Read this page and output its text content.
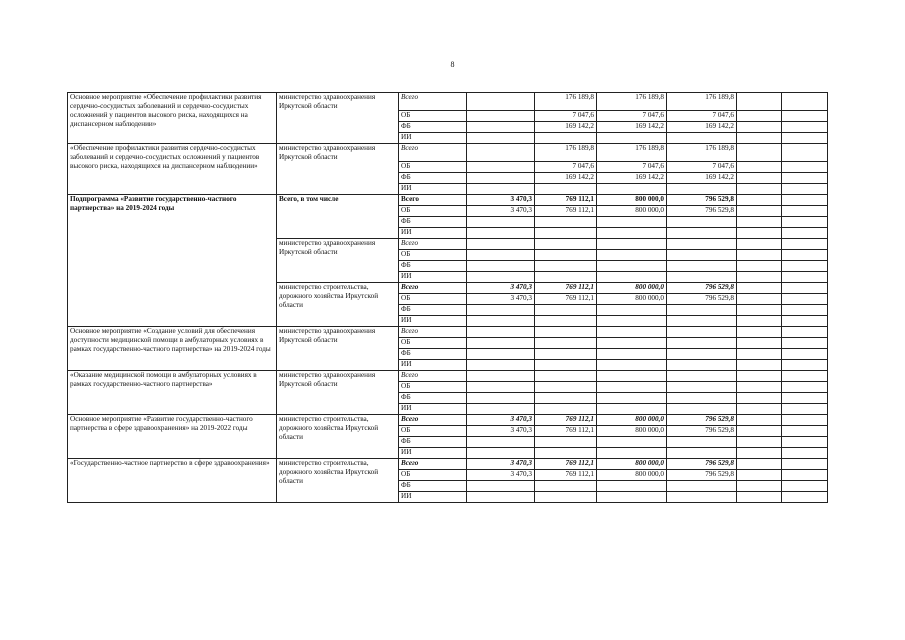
8
Основное мероприятие «Обеспечение профилактики развития сердечно-сосудистых заболеваний и сердечно-сосудистых осложнений у пациентов высокого риска, находящихся на диспансерном наблюдении»	министерство здравоохранения Иркутской области	Всего		176 189,8	176 189,8	176 189,8		
		ОБ		7 047,6	7 047,6	7 047,6		
		ФБ		169 142,2	169 142,2	169 142,2		
		ИИ						
«Обеспечение профилактики развития сердечно-сосудистых заболеваний и сердечно-сосудистых осложнений у пациентов высокого риска, находящихся на диспансерном наблюдении»	министерство здравоохранения Иркутской области	Всего		176 189,8	176 189,8	176 189,8		
		ОБ		7 047,6	7 047,6	7 047,6		
		ФБ		169 142,2	169 142,2	169 142,2		
		ИИ						
Подпрограмма «Развитие государственно-частного партнерства» на 2019-2024 годы	Всего, в том числе	Всего	3 470,3	769 112,1	800 000,0	796 529,8		
		ОБ	3 470,3	769 112,1	800 000,0	796 529,8		
		ФБ						
		ИИ						
	министерство здравоохранения Иркутской области	Всего						
		ОБ						
		ФБ						
		ИИ						
	министерство строительства, дорожного хозяйства Иркутской области	Всего	3 470,3	769 112,1	800 000,0	796 529,8		
		ОБ	3 470,3	769 112,1	800 000,0	796 529,8		
		ФБ						
		ИИ						
Основное мероприятие «Создание условий для обеспечения доступности медицинской помощи в амбулаторных условиях в рамках государственно-частного партнерства» на 2019-2024 годы	министерство здравоохранения Иркутской области	Всего						
		ОБ						
		ФБ						
		ИИ						
«Оказание медицинской помощи в амбулаторных условиях в рамках государственно-частного партнерства»	министерство здравоохранения Иркутской области	Всего						
		ОБ						
		ФБ						
		ИИ						
Основное мероприятие «Развитие государственно-частного партнерства в сфере здравоохранения» на 2019-2022 годы	министерство строительства, дорожного хозяйства Иркутской области	Всего	3 470,3	769 112,1	800 000,0	796 529,8		
		ОБ	3 470,3	769 112,1	800 000,0	796 529,8		
		ФБ						
		ИИ						
«Государственно-частное партнерство в сфере здравоохранения»	министерство строительства, дорожного хозяйства Иркутской области	Всего	3 470,3	769 112,1	800 000,0	796 529,8		
		ОБ	3 470,3	769 112,1	800 000,0	796 529,8		
		ФБ						
		ИИ						
